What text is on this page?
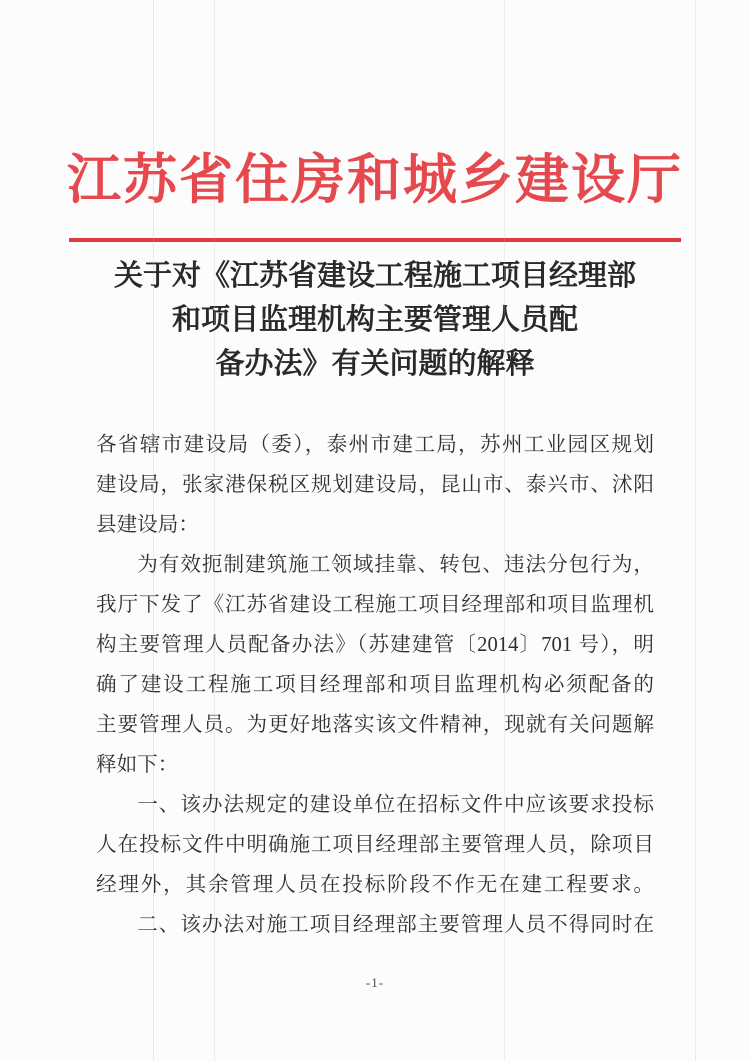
江苏省住房和城乡建设厅
关于对《江苏省建设工程施工项目经理部
和项目监理机构主要管理人员配
备办法》有关问题的解释
各省辖市建设局（委），泰州市建工局，苏州工业园区规划
建设局，张家港保税区规划建设局，昆山市、泰兴市、沭阳
县建设局：
为有效扼制建筑施工领域挂靠、转包、违法分包行为，
我厅下发了《江苏省建设工程施工项目经理部和项目监理机
构主要管理人员配备办法》（苏建建管〔2014〕701 号），明
确了建设工程施工项目经理部和项目监理机构必须配备的
主要管理人员。为更好地落实该文件精神，现就有关问题解
释如下：
一、该办法规定的建设单位在招标文件中应该要求投标
人在投标文件中明确施工项目经理部主要管理人员，除项目
经理外，其余管理人员在投标阶段不作无在建工程要求。
二、该办法对施工项目经理部主要管理人员不得同时在
-1-
